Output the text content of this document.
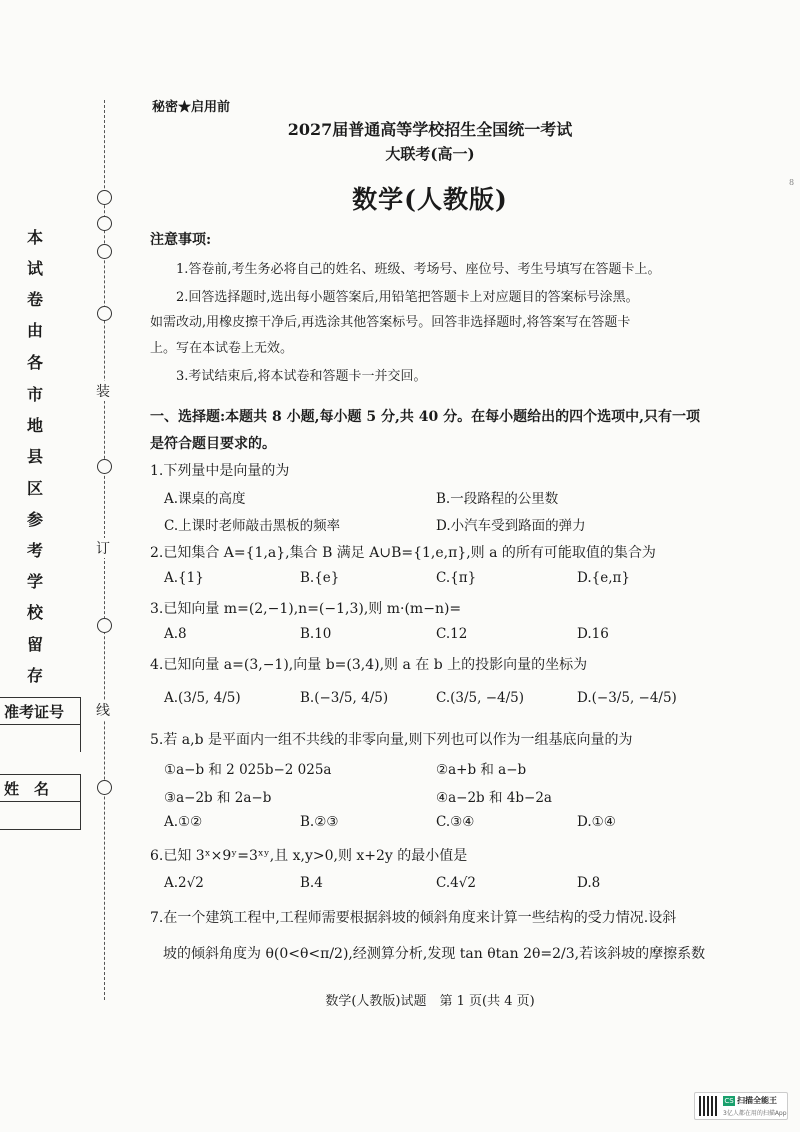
装
订
线
本
试
卷
由
各
市
地
县
区
参
考
学
校
留
存
准考证号
姓　名
秘密★启用前
2027届普通高等学校招生全国统一考试
大联考(高一)
数学(人教版)
8
注意事项:
1.答卷前,考生务必将自己的姓名、班级、考场号、座位号、考生号填写在答题卡上。
2.回答选择题时,选出每小题答案后,用铅笔把答题卡上对应题目的答案标号涂黑。
如需改动,用橡皮擦干净后,再选涂其他答案标号。回答非选择题时,将答案写在答题卡
上。写在本试卷上无效。
3.考试结束后,将本试卷和答题卡一并交回。
一、选择题:本题共 8 小题,每小题 5 分,共 40 分。在每小题给出的四个选项中,只有一项
是符合题目要求的。
1.下列量中是向量的为
A.课桌的高度	B.一段路程的公里数
C.上课时老师敲击黑板的频率	D.小汽车受到路面的弹力
2.已知集合 A={1,a},集合 B 满足 A∪B={1,e,π},则 a 的所有可能取值的集合为
A.{1}	B.{e}	C.{π}	D.{e,π}
3.已知向量 m=(2,−1),n=(−1,3),则 m·(m−n)=
A.8	B.10	C.12	D.16
4.已知向量 a=(3,−1),向量 b=(3,4),则 a 在 b 上的投影向量的坐标为
A.(3/5, 4/5)	B.(−3/5, 4/5)	C.(3/5, −4/5)	D.(−3/5, −4/5)
5.若 a,b 是平面内一组不共线的非零向量,则下列也可以作为一组基底向量的为
①a−b 和 2 025b−2 025a	②a+b 和 a−b
③a−2b 和 2a−b	④a−2b 和 4b−2a
A.①②	B.②③	C.③④	D.①④
6.已知 3ˣ×9ʸ=3ˣʸ,且 x,y>0,则 x+2y 的最小值是
A.2√2	B.4	C.4√2	D.8
7.在一个建筑工程中,工程师需要根据斜坡的倾斜角度来计算一些结构的受力情况.设斜
坡的倾斜角度为 θ(0<θ<π/2),经测算分析,发现 tan θtan 2θ=2/3,若该斜坡的摩擦系数
数学(人教版)试题　第 1 页(共 4 页)
CS 扫描全能王
3亿人都在用的扫描App
